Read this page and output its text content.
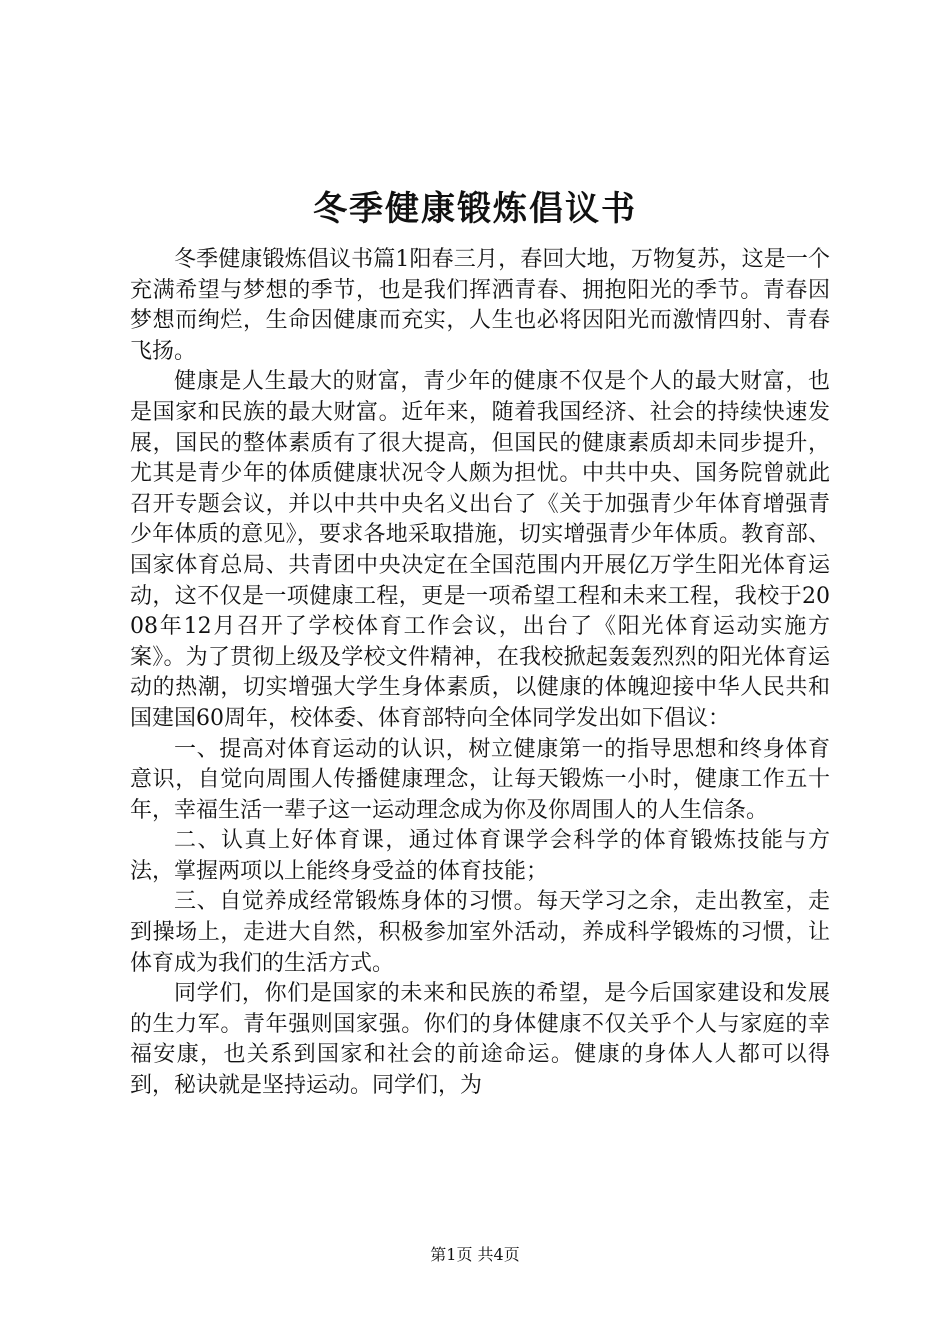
冬季健康锻炼倡议书

冬季健康锻炼倡议书篇1阳春三月，春回大地，万物复苏，这是一个充满希望与梦想的季节，也是我们挥洒青春、拥抱阳光的季节。青春因梦想而绚烂，生命因健康而充实，人生也必将因阳光而激情四射、青春飞扬。

健康是人生最大的财富，青少年的健康不仅是个人的最大财富，也是国家和民族的最大财富。近年来，随着我国经济、社会的持续快速发展，国民的整体素质有了很大提高，但国民的健康素质却未同步提升，尤其是青少年的体质健康状况令人颇为担忧。中共中央、国务院曾就此召开专题会议，并以中共中央名义出台了《关于加强青少年体育增强青少年体质的意见》，要求各地采取措施，切实增强青少年体质。教育部、国家体育总局、共青团中央决定在全国范围内开展亿万学生阳光体育运动，这不仅是一项健康工程，更是一项希望工程和未来工程，我校于2008年12月召开了学校体育工作会议，出台了《阳光体育运动实施方案》。为了贯彻上级及学校文件精神，在我校掀起轰轰烈烈的阳光体育运动的热潮，切实增强大学生身体素质，以健康的体魄迎接中华人民共和国建国60周年，校体委、体育部特向全体同学发出如下倡议：

一、提高对体育运动的认识，树立健康第一的指导思想和终身体育意识，自觉向周围人传播健康理念，让每天锻炼一小时，健康工作五十年，幸福生活一辈子这一运动理念成为你及你周围人的人生信条。

二、认真上好体育课，通过体育课学会科学的体育锻炼技能与方法，掌握两项以上能终身受益的体育技能；

三、自觉养成经常锻炼身体的习惯。每天学习之余，走出教室，走到操场上，走进大自然，积极参加室外活动，养成科学锻炼的习惯，让体育成为我们的生活方式。

同学们，你们是国家的未来和民族的希望，是今后国家建设和发展的生力军。青年强则国家强。你们的身体健康不仅关乎个人与家庭的幸福安康，也关系到国家和社会的前途命运。健康的身体人人都可以得到，秘诀就是坚持运动。同学们，为

第1页 共4页
